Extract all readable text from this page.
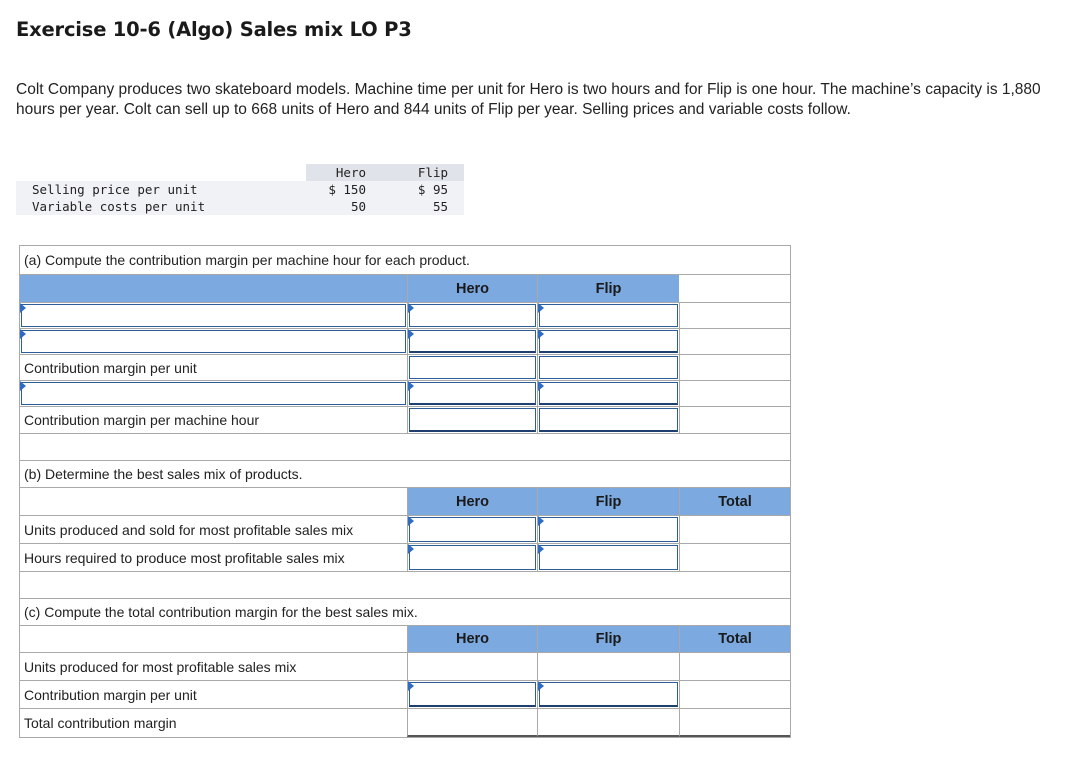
Exercise 10-6 (Algo) Sales mix LO P3
Colt Company produces two skateboard models. Machine time per unit for Hero is two hours and for Flip is one hour. The machine’s capacity is 1,880 hours per year. Colt can sell up to 668 units of Hero and 844 units of Flip per year. Selling prices and variable costs follow.
	Hero	Flip
Selling price per unit	$ 150	$ 95
Variable costs per unit	50	55
(a) Compute the contribution margin per machine hour for each product.
Hero	Flip
Contribution margin per unit
Contribution margin per machine hour
(b) Determine the best sales mix of products.
Hero	Flip	Total
Units produced and sold for most profitable sales mix
Hours required to produce most profitable sales mix
(c) Compute the total contribution margin for the best sales mix.
Hero	Flip	Total
Units produced for most profitable sales mix
Contribution margin per unit
Total contribution margin
